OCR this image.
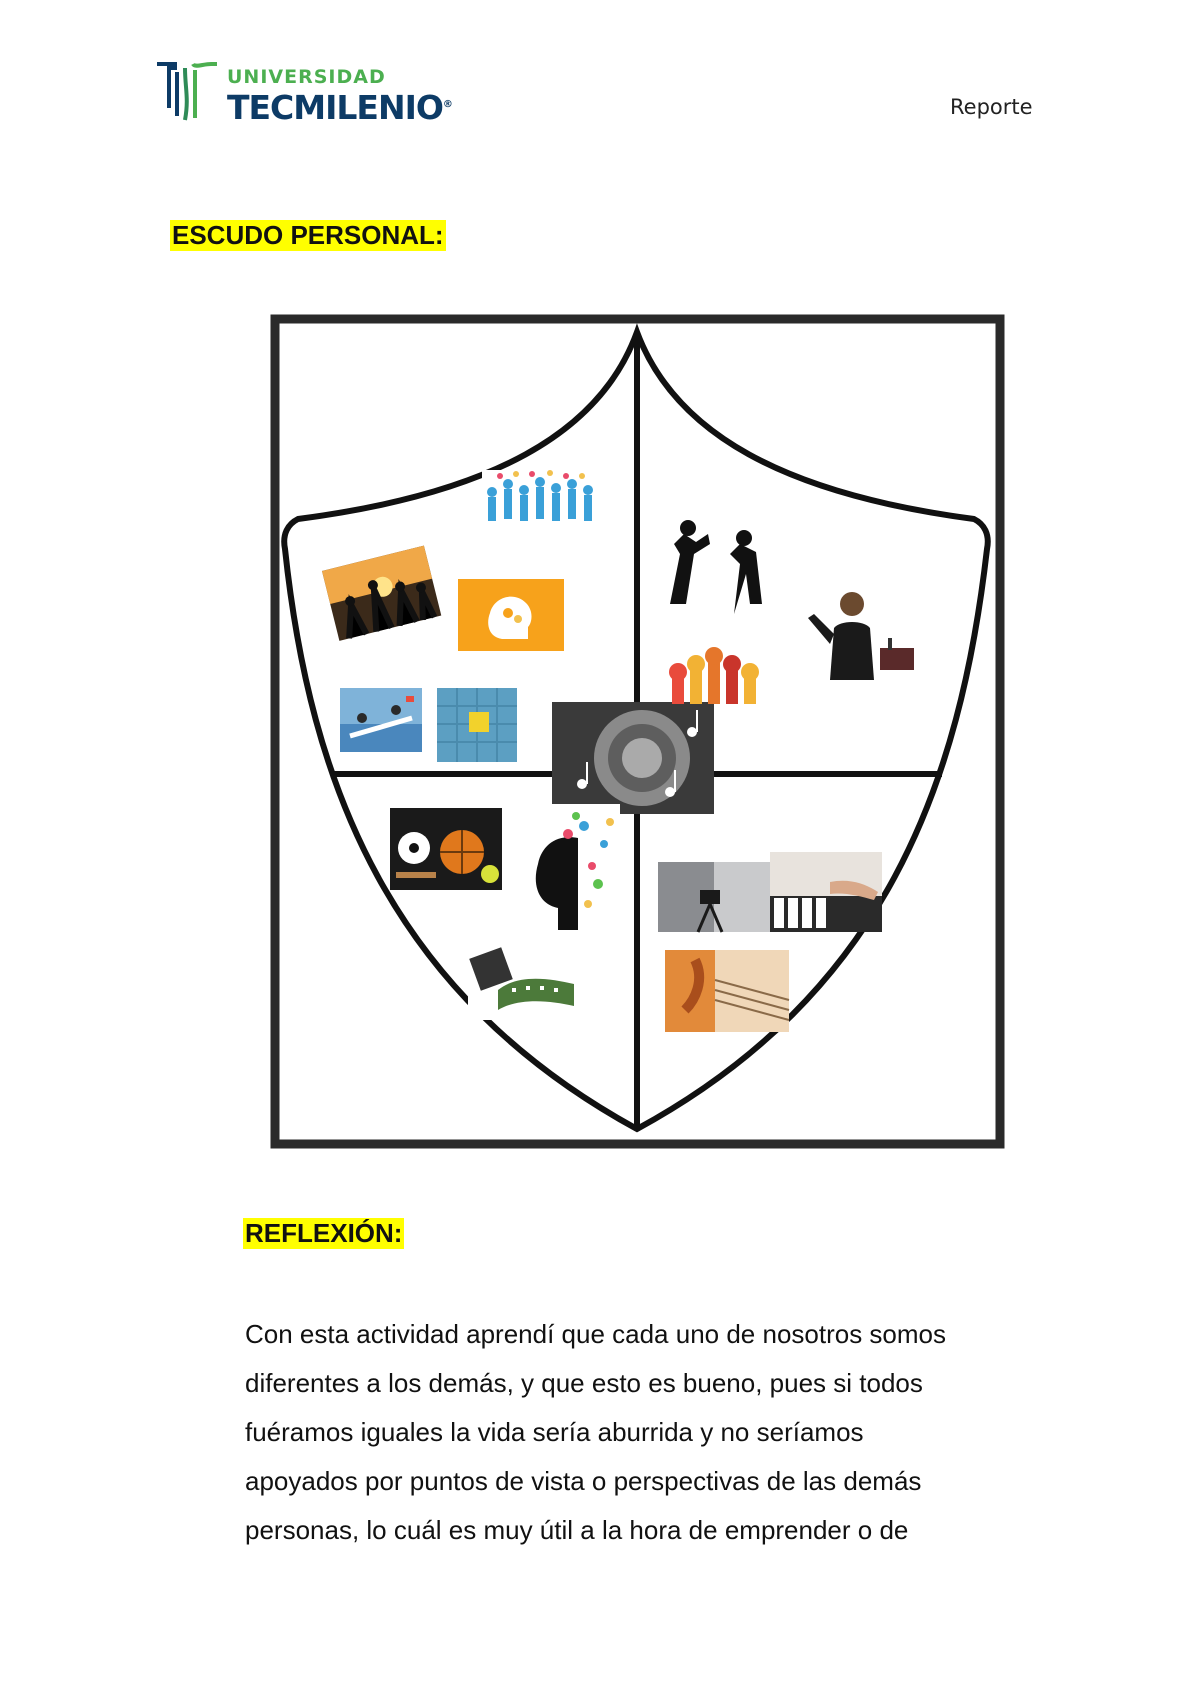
UNIVERSIDAD
TECMILENIO®	Reporte
ESCUDO PERSONAL:
REFLEXIÓN:
Con esta actividad aprendí que cada uno de nosotros somos
diferentes a los demás, y que esto es bueno, pues si todos
fuéramos iguales la vida sería aburrida y no seríamos
apoyados por puntos de vista o perspectivas de las demás
personas, lo cuál es muy útil a la hora de emprender o de
